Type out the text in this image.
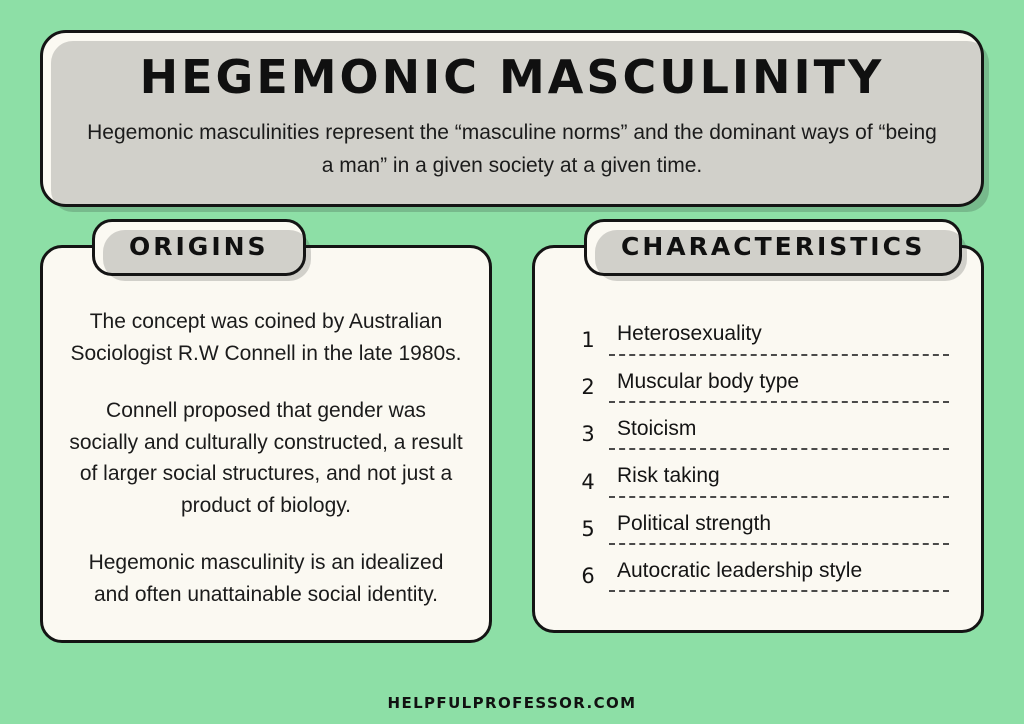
HEGEMONIC MASCULINITY
Hegemonic masculinities represent the “masculine norms” and the dominant ways of “being a man” in a given society at a given time.
ORIGINS

The concept was coined by Australian Sociologist R.W Connell in the late 1980s.

Connell proposed that gender was socially and culturally constructed, a result of larger social structures, and not just a product of biology.

Hegemonic masculinity is an idealized and often unattainable social identity.

CHARACTERISTICS
1	Heterosexuality
2	Muscular body type
3	Stoicism
4	Risk taking
5	Political strength
6	Autocratic leadership style
HELPFULPROFESSOR.COM
